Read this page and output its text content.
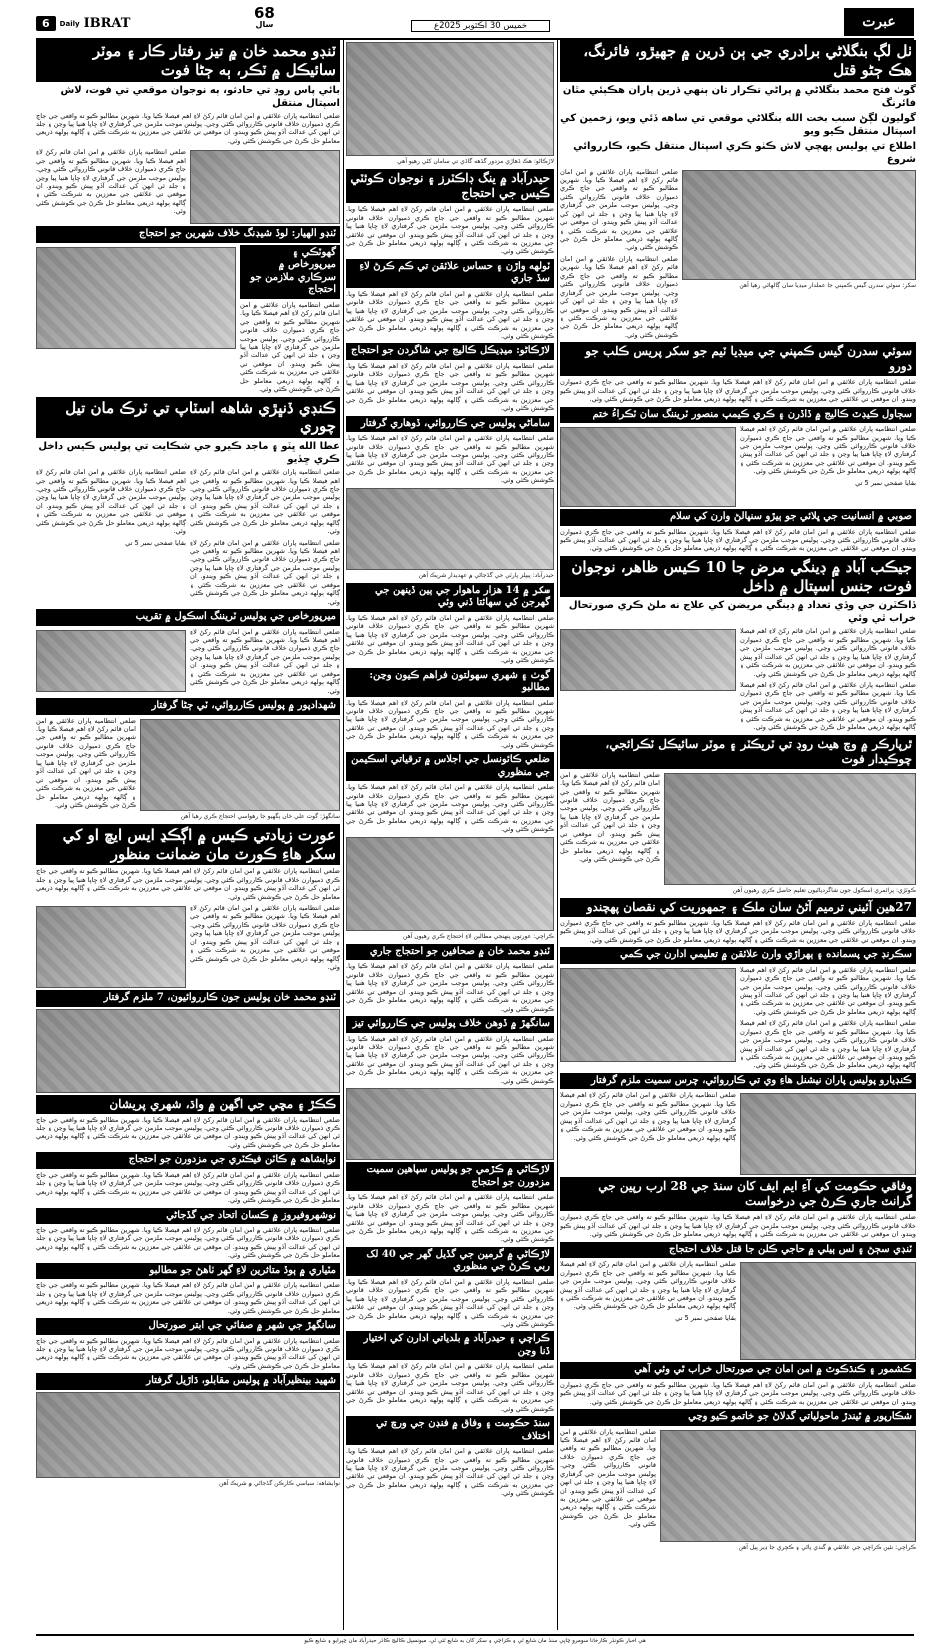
6	Daily IBRAT
68
سال	خميس 30 آڪٽوبر 2025ع	عبرت
ٺل لڳ بنگلاڻي برادري جي ٻن ڌرين ۾ جهيڙو، فائرنگ، هڪ ڄڻو قتل
گوٺ فتح محمد بنگلاڻي ۾ پراڻي تڪرار تان ٻنهي ڌرين پاران هڪٻئي مٿان فائرنگ
گوليون لڳڻ سبب بخت الله بنگلاڻي موقعي تي ساهه ڏئي ويو، زخمين کي اسپتال منتقل ڪيو ويو
اطلاع تي پوليس پهچي لاش ڪٺو ڪري اسپتال منتقل ڪيو، ڪارروائي شروع
سکر: سوئي سدرن گيس ڪمپني جا عملدار ميڊيا سان ڳالهائي رهيا آهن

ضلعي انتظاميه پاران علائقي ۾ امن امان قائم رکڻ لاءِ اهم فيصلا ڪيا ويا. شهرين مطالبو ڪيو ته واقعي جي جاچ ڪري ذميوارن خلاف قانوني ڪارروائي ڪئي وڃي. پوليس موجب ملزمن جي گرفتاري لاءِ ڇاپا هنيا پيا وڃن ۽ جلد ئي انهن کي عدالت آڏو پيش ڪيو ويندو. ان موقعي تي علائقي جي معززين به شرڪت ڪئي ۽ ڳالهه ٻولهه ذريعي معاملو حل ڪرڻ جي ڪوشش ڪئي وئي.

ضلعي انتظاميه پاران علائقي ۾ امن امان قائم رکڻ لاءِ اهم فيصلا ڪيا ويا. شهرين مطالبو ڪيو ته واقعي جي جاچ ڪري ذميوارن خلاف قانوني ڪارروائي ڪئي وڃي. پوليس موجب ملزمن جي گرفتاري لاءِ ڇاپا هنيا پيا وڃن ۽ جلد ئي انهن کي عدالت آڏو پيش ڪيو ويندو. ان موقعي تي علائقي جي معززين به شرڪت ڪئي ۽ ڳالهه ٻولهه ذريعي معاملو حل ڪرڻ جي ڪوشش ڪئي وئي.

سوئي سدرن گيس ڪمپني جي ميڊيا ٽيم جو سکر پريس ڪلب جو دورو

ضلعي انتظاميه پاران علائقي ۾ امن امان قائم رکڻ لاءِ اهم فيصلا ڪيا ويا. شهرين مطالبو ڪيو ته واقعي جي جاچ ڪري ذميوارن خلاف قانوني ڪارروائي ڪئي وڃي. پوليس موجب ملزمن جي گرفتاري لاءِ ڇاپا هنيا پيا وڃن ۽ جلد ئي انهن کي عدالت آڏو پيش ڪيو ويندو. ان موقعي تي علائقي جي معززين به شرڪت ڪئي ۽ ڳالهه ٻولهه ذريعي معاملو حل ڪرڻ جي ڪوشش ڪئي وئي.

سڄاول ڪيڊٽ ڪاليج ۾ ڏاڏرن ۽ ڪري ڪيمپ منصور ٽريننگ سان ٽڪراءُ ختم

ضلعي انتظاميه پاران علائقي ۾ امن امان قائم رکڻ لاءِ اهم فيصلا ڪيا ويا. شهرين مطالبو ڪيو ته واقعي جي جاچ ڪري ذميوارن خلاف قانوني ڪارروائي ڪئي وڃي. پوليس موجب ملزمن جي گرفتاري لاءِ ڇاپا هنيا پيا وڃن ۽ جلد ئي انهن کي عدالت آڏو پيش ڪيو ويندو. ان موقعي تي علائقي جي معززين به شرڪت ڪئي ۽ ڳالهه ٻولهه ذريعي معاملو حل ڪرڻ جي ڪوشش ڪئي وئي.

بقايا صفحي نمبر 5 تي

صوبي ۾ انسانيت جي ڀلائي جو ٻيڙو سنڀالڻ وارن کي سلام

ضلعي انتظاميه پاران علائقي ۾ امن امان قائم رکڻ لاءِ اهم فيصلا ڪيا ويا. شهرين مطالبو ڪيو ته واقعي جي جاچ ڪري ذميوارن خلاف قانوني ڪارروائي ڪئي وڃي. پوليس موجب ملزمن جي گرفتاري لاءِ ڇاپا هنيا پيا وڃن ۽ جلد ئي انهن کي عدالت آڏو پيش ڪيو ويندو. ان موقعي تي علائقي جي معززين به شرڪت ڪئي ۽ ڳالهه ٻولهه ذريعي معاملو حل ڪرڻ جي ڪوشش ڪئي وئي.

جيڪب آباد ۾ ڊينگي مرض جا 10 ڪيس ظاهر، نوجوان فوت، جنس اسپتال ۾ داخل
ڏاڪٽرن جي وڏي تعداد ۾ ڊينگي مريضن کي علاج نه ملڻ ڪري صورتحال خراب ٿي وئي

ضلعي انتظاميه پاران علائقي ۾ امن امان قائم رکڻ لاءِ اهم فيصلا ڪيا ويا. شهرين مطالبو ڪيو ته واقعي جي جاچ ڪري ذميوارن خلاف قانوني ڪارروائي ڪئي وڃي. پوليس موجب ملزمن جي گرفتاري لاءِ ڇاپا هنيا پيا وڃن ۽ جلد ئي انهن کي عدالت آڏو پيش ڪيو ويندو. ان موقعي تي علائقي جي معززين به شرڪت ڪئي ۽ ڳالهه ٻولهه ذريعي معاملو حل ڪرڻ جي ڪوشش ڪئي وئي.

ضلعي انتظاميه پاران علائقي ۾ امن امان قائم رکڻ لاءِ اهم فيصلا ڪيا ويا. شهرين مطالبو ڪيو ته واقعي جي جاچ ڪري ذميوارن خلاف قانوني ڪارروائي ڪئي وڃي. پوليس موجب ملزمن جي گرفتاري لاءِ ڇاپا هنيا پيا وڃن ۽ جلد ئي انهن کي عدالت آڏو پيش ڪيو ويندو. ان موقعي تي علائقي جي معززين به شرڪت ڪئي ۽ ڳالهه ٻولهه ذريعي معاملو حل ڪرڻ جي ڪوشش ڪئي وئي.

ٿرپارڪر ۾ وچ هيٺ روڊ تي ٽريڪٽر ۽ موٽر سائيڪل ٽڪرائجي، چوڪيدار فوت
ڪوٽڙي: پرائمري اسڪول جون شاگردياڻيون تعليم حاصل ڪري رهيون آهن

ضلعي انتظاميه پاران علائقي ۾ امن امان قائم رکڻ لاءِ اهم فيصلا ڪيا ويا. شهرين مطالبو ڪيو ته واقعي جي جاچ ڪري ذميوارن خلاف قانوني ڪارروائي ڪئي وڃي. پوليس موجب ملزمن جي گرفتاري لاءِ ڇاپا هنيا پيا وڃن ۽ جلد ئي انهن کي عدالت آڏو پيش ڪيو ويندو. ان موقعي تي علائقي جي معززين به شرڪت ڪئي ۽ ڳالهه ٻولهه ذريعي معاملو حل ڪرڻ جي ڪوشش ڪئي وئي.

27هين آئيني ترميم آڻڻ سان ملڪ ۽ جمهوريت کي نقصان پهچندو

ضلعي انتظاميه پاران علائقي ۾ امن امان قائم رکڻ لاءِ اهم فيصلا ڪيا ويا. شهرين مطالبو ڪيو ته واقعي جي جاچ ڪري ذميوارن خلاف قانوني ڪارروائي ڪئي وڃي. پوليس موجب ملزمن جي گرفتاري لاءِ ڇاپا هنيا پيا وڃن ۽ جلد ئي انهن کي عدالت آڏو پيش ڪيو ويندو. ان موقعي تي علائقي جي معززين به شرڪت ڪئي ۽ ڳالهه ٻولهه ذريعي معاملو حل ڪرڻ جي ڪوشش ڪئي وئي.

سڪرنڊ جي پسمانده ۽ ٻهراڙي وارن علائقن ۾ تعليمي ادارن جي ڪمي

ضلعي انتظاميه پاران علائقي ۾ امن امان قائم رکڻ لاءِ اهم فيصلا ڪيا ويا. شهرين مطالبو ڪيو ته واقعي جي جاچ ڪري ذميوارن خلاف قانوني ڪارروائي ڪئي وڃي. پوليس موجب ملزمن جي گرفتاري لاءِ ڇاپا هنيا پيا وڃن ۽ جلد ئي انهن کي عدالت آڏو پيش ڪيو ويندو. ان موقعي تي علائقي جي معززين به شرڪت ڪئي ۽ ڳالهه ٻولهه ذريعي معاملو حل ڪرڻ جي ڪوشش ڪئي وئي.

ضلعي انتظاميه پاران علائقي ۾ امن امان قائم رکڻ لاءِ اهم فيصلا ڪيا ويا. شهرين مطالبو ڪيو ته واقعي جي جاچ ڪري ذميوارن خلاف قانوني ڪارروائي ڪئي وڃي. پوليس موجب ملزمن جي گرفتاري لاءِ ڇاپا هنيا پيا وڃن ۽ جلد ئي انهن کي عدالت آڏو پيش ڪيو ويندو. ان موقعي تي علائقي جي معززين به شرڪت ڪئي ۽ ڳالهه ٻولهه ذريعي معاملو حل ڪرڻ جي ڪوشش ڪئي وئي.

ڪنڊيارو پوليس پاران نيشنل هاءِ وي تي ڪارروائي، چرس سميت ملزم گرفتار

ضلعي انتظاميه پاران علائقي ۾ امن امان قائم رکڻ لاءِ اهم فيصلا ڪيا ويا. شهرين مطالبو ڪيو ته واقعي جي جاچ ڪري ذميوارن خلاف قانوني ڪارروائي ڪئي وڃي. پوليس موجب ملزمن جي گرفتاري لاءِ ڇاپا هنيا پيا وڃن ۽ جلد ئي انهن کي عدالت آڏو پيش ڪيو ويندو. ان موقعي تي علائقي جي معززين به شرڪت ڪئي ۽ ڳالهه ٻولهه ذريعي معاملو حل ڪرڻ جي ڪوشش ڪئي وئي.

وفاقي حڪومت کي آءِ ايم ايف کان سنڌ جي 28 ارب رپين جي گرانٽ جاري ڪرڻ جي درخواست

ضلعي انتظاميه پاران علائقي ۾ امن امان قائم رکڻ لاءِ اهم فيصلا ڪيا ويا. شهرين مطالبو ڪيو ته واقعي جي جاچ ڪري ذميوارن خلاف قانوني ڪارروائي ڪئي وڃي. پوليس موجب ملزمن جي گرفتاري لاءِ ڇاپا هنيا پيا وڃن ۽ جلد ئي انهن کي عدالت آڏو پيش ڪيو ويندو. ان موقعي تي علائقي جي معززين به شرڪت ڪئي ۽ ڳالهه ٻولهه ذريعي معاملو حل ڪرڻ جي ڪوشش ڪئي وئي.

ٽنڊي سڄڻ ۽ لس ٻيلي ۾ حاجي ڪلن جا قتل خلاف احتجاج

ضلعي انتظاميه پاران علائقي ۾ امن امان قائم رکڻ لاءِ اهم فيصلا ڪيا ويا. شهرين مطالبو ڪيو ته واقعي جي جاچ ڪري ذميوارن خلاف قانوني ڪارروائي ڪئي وڃي. پوليس موجب ملزمن جي گرفتاري لاءِ ڇاپا هنيا پيا وڃن ۽ جلد ئي انهن کي عدالت آڏو پيش ڪيو ويندو. ان موقعي تي علائقي جي معززين به شرڪت ڪئي ۽ ڳالهه ٻولهه ذريعي معاملو حل ڪرڻ جي ڪوشش ڪئي وئي.

بقايا صفحي نمبر 5 تي

ڪشمور ۽ ڪنڌڪوٽ ۾ امن امان جي صورتحال خراب ٿي وئي آهي

ضلعي انتظاميه پاران علائقي ۾ امن امان قائم رکڻ لاءِ اهم فيصلا ڪيا ويا. شهرين مطالبو ڪيو ته واقعي جي جاچ ڪري ذميوارن خلاف قانوني ڪارروائي ڪئي وڃي. پوليس موجب ملزمن جي گرفتاري لاءِ ڇاپا هنيا پيا وڃن ۽ جلد ئي انهن کي عدالت آڏو پيش ڪيو ويندو. ان موقعي تي علائقي جي معززين به شرڪت ڪئي ۽ ڳالهه ٻولهه ذريعي معاملو حل ڪرڻ جي ڪوشش ڪئي وئي.

شڪارپور ۾ ٿيندڙ ماحولياتي گدلاڻ جو خاتمو ڪيو وڃي
ڪراچي: نئين ڪراچي جي علائقي ۾ گندي پاڻي ۽ ڪچري جا ڍير پيل آهن

ضلعي انتظاميه پاران علائقي ۾ امن امان قائم رکڻ لاءِ اهم فيصلا ڪيا ويا. شهرين مطالبو ڪيو ته واقعي جي جاچ ڪري ذميوارن خلاف قانوني ڪارروائي ڪئي وڃي. پوليس موجب ملزمن جي گرفتاري لاءِ ڇاپا هنيا پيا وڃن ۽ جلد ئي انهن کي عدالت آڏو پيش ڪيو ويندو. ان موقعي تي علائقي جي معززين به شرڪت ڪئي ۽ ڳالهه ٻولهه ذريعي معاملو حل ڪرڻ جي ڪوشش ڪئي وئي.

لاڙڪاڻو: هڪ ڏهاڙي مزدور گڏهه گاڏي تي سامان کڻي رهيو آهي
حيدرآباد ۾ ينگ ڊاڪٽرز ۽ نوجوان ڪوئٽي ڪيس جي احتجاج

ضلعي انتظاميه پاران علائقي ۾ امن امان قائم رکڻ لاءِ اهم فيصلا ڪيا ويا. شهرين مطالبو ڪيو ته واقعي جي جاچ ڪري ذميوارن خلاف قانوني ڪارروائي ڪئي وڃي. پوليس موجب ملزمن جي گرفتاري لاءِ ڇاپا هنيا پيا وڃن ۽ جلد ئي انهن کي عدالت آڏو پيش ڪيو ويندو. ان موقعي تي علائقي جي معززين به شرڪت ڪئي ۽ ڳالهه ٻولهه ذريعي معاملو حل ڪرڻ جي ڪوشش ڪئي وئي.

ٽولهه واڙن ۽ حساس علائقن تي ڪم ڪرڻ لاءِ سڏ جاري

ضلعي انتظاميه پاران علائقي ۾ امن امان قائم رکڻ لاءِ اهم فيصلا ڪيا ويا. شهرين مطالبو ڪيو ته واقعي جي جاچ ڪري ذميوارن خلاف قانوني ڪارروائي ڪئي وڃي. پوليس موجب ملزمن جي گرفتاري لاءِ ڇاپا هنيا پيا وڃن ۽ جلد ئي انهن کي عدالت آڏو پيش ڪيو ويندو. ان موقعي تي علائقي جي معززين به شرڪت ڪئي ۽ ڳالهه ٻولهه ذريعي معاملو حل ڪرڻ جي ڪوشش ڪئي وئي.

لاڙڪاڻو: ميڊيڪل ڪاليج جي شاگردن جو احتجاج

ضلعي انتظاميه پاران علائقي ۾ امن امان قائم رکڻ لاءِ اهم فيصلا ڪيا ويا. شهرين مطالبو ڪيو ته واقعي جي جاچ ڪري ذميوارن خلاف قانوني ڪارروائي ڪئي وڃي. پوليس موجب ملزمن جي گرفتاري لاءِ ڇاپا هنيا پيا وڃن ۽ جلد ئي انهن کي عدالت آڏو پيش ڪيو ويندو. ان موقعي تي علائقي جي معززين به شرڪت ڪئي ۽ ڳالهه ٻولهه ذريعي معاملو حل ڪرڻ جي ڪوشش ڪئي وئي.

ساماڻي پوليس جي ڪارروائي، ڏوهاري گرفتار

ضلعي انتظاميه پاران علائقي ۾ امن امان قائم رکڻ لاءِ اهم فيصلا ڪيا ويا. شهرين مطالبو ڪيو ته واقعي جي جاچ ڪري ذميوارن خلاف قانوني ڪارروائي ڪئي وڃي. پوليس موجب ملزمن جي گرفتاري لاءِ ڇاپا هنيا پيا وڃن ۽ جلد ئي انهن کي عدالت آڏو پيش ڪيو ويندو. ان موقعي تي علائقي جي معززين به شرڪت ڪئي ۽ ڳالهه ٻولهه ذريعي معاملو حل ڪرڻ جي ڪوشش ڪئي وئي.

حيدرآباد: پيپلز پارٽي جي گڏجاڻي ۾ عهديدار شريڪ آهن
سکر ۾ 14 هزار ماهوار جي ٻين ڏينهن جي گهرجن کي سهائتا ڏني وئي

ضلعي انتظاميه پاران علائقي ۾ امن امان قائم رکڻ لاءِ اهم فيصلا ڪيا ويا. شهرين مطالبو ڪيو ته واقعي جي جاچ ڪري ذميوارن خلاف قانوني ڪارروائي ڪئي وڃي. پوليس موجب ملزمن جي گرفتاري لاءِ ڇاپا هنيا پيا وڃن ۽ جلد ئي انهن کي عدالت آڏو پيش ڪيو ويندو. ان موقعي تي علائقي جي معززين به شرڪت ڪئي ۽ ڳالهه ٻولهه ذريعي معاملو حل ڪرڻ جي ڪوشش ڪئي وئي.

گوٺ ۽ شهري سهولتون فراهم ڪيون وڃن: مطالبو

ضلعي انتظاميه پاران علائقي ۾ امن امان قائم رکڻ لاءِ اهم فيصلا ڪيا ويا. شهرين مطالبو ڪيو ته واقعي جي جاچ ڪري ذميوارن خلاف قانوني ڪارروائي ڪئي وڃي. پوليس موجب ملزمن جي گرفتاري لاءِ ڇاپا هنيا پيا وڃن ۽ جلد ئي انهن کي عدالت آڏو پيش ڪيو ويندو. ان موقعي تي علائقي جي معززين به شرڪت ڪئي ۽ ڳالهه ٻولهه ذريعي معاملو حل ڪرڻ جي ڪوشش ڪئي وئي.

ضلعي ڪائونسل جي اجلاس ۾ ترقياتي اسڪيمن جي منظوري

ضلعي انتظاميه پاران علائقي ۾ امن امان قائم رکڻ لاءِ اهم فيصلا ڪيا ويا. شهرين مطالبو ڪيو ته واقعي جي جاچ ڪري ذميوارن خلاف قانوني ڪارروائي ڪئي وڃي. پوليس موجب ملزمن جي گرفتاري لاءِ ڇاپا هنيا پيا وڃن ۽ جلد ئي انهن کي عدالت آڏو پيش ڪيو ويندو. ان موقعي تي علائقي جي معززين به شرڪت ڪئي ۽ ڳالهه ٻولهه ذريعي معاملو حل ڪرڻ جي ڪوشش ڪئي وئي.

ڪراچي: عورتون پنهنجي مطالبن لاءِ احتجاج ڪري رهيون آهن
ٽنڊو محمد خان ۾ صحافين جو احتجاج جاري

ضلعي انتظاميه پاران علائقي ۾ امن امان قائم رکڻ لاءِ اهم فيصلا ڪيا ويا. شهرين مطالبو ڪيو ته واقعي جي جاچ ڪري ذميوارن خلاف قانوني ڪارروائي ڪئي وڃي. پوليس موجب ملزمن جي گرفتاري لاءِ ڇاپا هنيا پيا وڃن ۽ جلد ئي انهن کي عدالت آڏو پيش ڪيو ويندو. ان موقعي تي علائقي جي معززين به شرڪت ڪئي ۽ ڳالهه ٻولهه ذريعي معاملو حل ڪرڻ جي ڪوشش ڪئي وئي.

سانگهڙ ۾ ڏوهن خلاف پوليس جي ڪارروائي تيز

ضلعي انتظاميه پاران علائقي ۾ امن امان قائم رکڻ لاءِ اهم فيصلا ڪيا ويا. شهرين مطالبو ڪيو ته واقعي جي جاچ ڪري ذميوارن خلاف قانوني ڪارروائي ڪئي وڃي. پوليس موجب ملزمن جي گرفتاري لاءِ ڇاپا هنيا پيا وڃن ۽ جلد ئي انهن کي عدالت آڏو پيش ڪيو ويندو. ان موقعي تي علائقي جي معززين به شرڪت ڪئي ۽ ڳالهه ٻولهه ذريعي معاملو حل ڪرڻ جي ڪوشش ڪئي وئي.

لاڙڪاڻي ۾ ڪڙمي جو پوليس سپاهين سميت مزدورن جو احتجاج

ضلعي انتظاميه پاران علائقي ۾ امن امان قائم رکڻ لاءِ اهم فيصلا ڪيا ويا. شهرين مطالبو ڪيو ته واقعي جي جاچ ڪري ذميوارن خلاف قانوني ڪارروائي ڪئي وڃي. پوليس موجب ملزمن جي گرفتاري لاءِ ڇاپا هنيا پيا وڃن ۽ جلد ئي انهن کي عدالت آڏو پيش ڪيو ويندو. ان موقعي تي علائقي جي معززين به شرڪت ڪئي ۽ ڳالهه ٻولهه ذريعي معاملو حل ڪرڻ جي ڪوشش ڪئي وئي.

لاڙڪاڻي ۾ گرمين جي گڏيل گهر جي 40 لک ربي ڪرڻ جي منظوري

ضلعي انتظاميه پاران علائقي ۾ امن امان قائم رکڻ لاءِ اهم فيصلا ڪيا ويا. شهرين مطالبو ڪيو ته واقعي جي جاچ ڪري ذميوارن خلاف قانوني ڪارروائي ڪئي وڃي. پوليس موجب ملزمن جي گرفتاري لاءِ ڇاپا هنيا پيا وڃن ۽ جلد ئي انهن کي عدالت آڏو پيش ڪيو ويندو. ان موقعي تي علائقي جي معززين به شرڪت ڪئي ۽ ڳالهه ٻولهه ذريعي معاملو حل ڪرڻ جي ڪوشش ڪئي وئي.

ڪراچي ۽ حيدرآباد ۾ بلدياتي ادارن کي اختيار ڏنا وڃن

ضلعي انتظاميه پاران علائقي ۾ امن امان قائم رکڻ لاءِ اهم فيصلا ڪيا ويا. شهرين مطالبو ڪيو ته واقعي جي جاچ ڪري ذميوارن خلاف قانوني ڪارروائي ڪئي وڃي. پوليس موجب ملزمن جي گرفتاري لاءِ ڇاپا هنيا پيا وڃن ۽ جلد ئي انهن کي عدالت آڏو پيش ڪيو ويندو. ان موقعي تي علائقي جي معززين به شرڪت ڪئي ۽ ڳالهه ٻولهه ذريعي معاملو حل ڪرڻ جي ڪوشش ڪئي وئي.

سنڌ حڪومت ۽ وفاق ۾ فنڊن جي ورڇ تي اختلاف

ضلعي انتظاميه پاران علائقي ۾ امن امان قائم رکڻ لاءِ اهم فيصلا ڪيا ويا. شهرين مطالبو ڪيو ته واقعي جي جاچ ڪري ذميوارن خلاف قانوني ڪارروائي ڪئي وڃي. پوليس موجب ملزمن جي گرفتاري لاءِ ڇاپا هنيا پيا وڃن ۽ جلد ئي انهن کي عدالت آڏو پيش ڪيو ويندو. ان موقعي تي علائقي جي معززين به شرڪت ڪئي ۽ ڳالهه ٻولهه ذريعي معاملو حل ڪرڻ جي ڪوشش ڪئي وئي.

ٽنڊو محمد خان ۾ تيز رفتار ڪار ۽ موٽر سائيڪل ۾ ٽڪر، ٻه ڄڻا فوت
بائي پاس روڊ تي حادثو، ٻه نوجوان موقعي تي فوت، لاش اسپتال منتقل

ضلعي انتظاميه پاران علائقي ۾ امن امان قائم رکڻ لاءِ اهم فيصلا ڪيا ويا. شهرين مطالبو ڪيو ته واقعي جي جاچ ڪري ذميوارن خلاف قانوني ڪارروائي ڪئي وڃي. پوليس موجب ملزمن جي گرفتاري لاءِ ڇاپا هنيا پيا وڃن ۽ جلد ئي انهن کي عدالت آڏو پيش ڪيو ويندو. ان موقعي تي علائقي جي معززين به شرڪت ڪئي ۽ ڳالهه ٻولهه ذريعي معاملو حل ڪرڻ جي ڪوشش ڪئي وئي.

ضلعي انتظاميه پاران علائقي ۾ امن امان قائم رکڻ لاءِ اهم فيصلا ڪيا ويا. شهرين مطالبو ڪيو ته واقعي جي جاچ ڪري ذميوارن خلاف قانوني ڪارروائي ڪئي وڃي. پوليس موجب ملزمن جي گرفتاري لاءِ ڇاپا هنيا پيا وڃن ۽ جلد ئي انهن کي عدالت آڏو پيش ڪيو ويندو. ان موقعي تي علائقي جي معززين به شرڪت ڪئي ۽ ڳالهه ٻولهه ذريعي معاملو حل ڪرڻ جي ڪوشش ڪئي وئي.

ٽنڊو الهيار: لوڏ شيڊنگ خلاف شهرين جو احتجاج
گهوٽڪي ۽ ميرپورخاص ۾ سرڪاري ملازمن جو احتجاج

ضلعي انتظاميه پاران علائقي ۾ امن امان قائم رکڻ لاءِ اهم فيصلا ڪيا ويا. شهرين مطالبو ڪيو ته واقعي جي جاچ ڪري ذميوارن خلاف قانوني ڪارروائي ڪئي وڃي. پوليس موجب ملزمن جي گرفتاري لاءِ ڇاپا هنيا پيا وڃن ۽ جلد ئي انهن کي عدالت آڏو پيش ڪيو ويندو. ان موقعي تي علائقي جي معززين به شرڪت ڪئي ۽ ڳالهه ٻولهه ذريعي معاملو حل ڪرڻ جي ڪوشش ڪئي وئي.

ڪنڊي ڏنڀڙي شاهه اسٽاپ تي ٽرڪ مان تيل چوري
عطا الله ڀٽو ۽ ماجد ڪيرو جي شڪايت تي پوليس ڪيس داخل ڪري ڇڏيو

ضلعي انتظاميه پاران علائقي ۾ امن امان قائم رکڻ لاءِ اهم فيصلا ڪيا ويا. شهرين مطالبو ڪيو ته واقعي جي جاچ ڪري ذميوارن خلاف قانوني ڪارروائي ڪئي وڃي. پوليس موجب ملزمن جي گرفتاري لاءِ ڇاپا هنيا پيا وڃن ۽ جلد ئي انهن کي عدالت آڏو پيش ڪيو ويندو. ان موقعي تي علائقي جي معززين به شرڪت ڪئي ۽ ڳالهه ٻولهه ذريعي معاملو حل ڪرڻ جي ڪوشش ڪئي وئي.

ضلعي انتظاميه پاران علائقي ۾ امن امان قائم رکڻ لاءِ اهم فيصلا ڪيا ويا. شهرين مطالبو ڪيو ته واقعي جي جاچ ڪري ذميوارن خلاف قانوني ڪارروائي ڪئي وڃي. پوليس موجب ملزمن جي گرفتاري لاءِ ڇاپا هنيا پيا وڃن ۽ جلد ئي انهن کي عدالت آڏو پيش ڪيو ويندو. ان موقعي تي علائقي جي معززين به شرڪت ڪئي ۽ ڳالهه ٻولهه ذريعي معاملو حل ڪرڻ جي ڪوشش ڪئي وئي.

ضلعي انتظاميه پاران علائقي ۾ امن امان قائم رکڻ لاءِ اهم فيصلا ڪيا ويا. شهرين مطالبو ڪيو ته واقعي جي جاچ ڪري ذميوارن خلاف قانوني ڪارروائي ڪئي وڃي. پوليس موجب ملزمن جي گرفتاري لاءِ ڇاپا هنيا پيا وڃن ۽ جلد ئي انهن کي عدالت آڏو پيش ڪيو ويندو. ان موقعي تي علائقي جي معززين به شرڪت ڪئي ۽ ڳالهه ٻولهه ذريعي معاملو حل ڪرڻ جي ڪوشش ڪئي وئي.

بقايا صفحي نمبر 5 تي

ميرپورخاص جي پوليس ٽريننگ اسڪول ۾ تقريب

ضلعي انتظاميه پاران علائقي ۾ امن امان قائم رکڻ لاءِ اهم فيصلا ڪيا ويا. شهرين مطالبو ڪيو ته واقعي جي جاچ ڪري ذميوارن خلاف قانوني ڪارروائي ڪئي وڃي. پوليس موجب ملزمن جي گرفتاري لاءِ ڇاپا هنيا پيا وڃن ۽ جلد ئي انهن کي عدالت آڏو پيش ڪيو ويندو. ان موقعي تي علائقي جي معززين به شرڪت ڪئي ۽ ڳالهه ٻولهه ذريعي معاملو حل ڪرڻ جي ڪوشش ڪئي وئي.

شهدادپور ۾ پوليس ڪارروائي، ٽي ڄڻا گرفتار
سانگهڙ: گوٺ علي خان ٻگهيو جا رهواسي احتجاج ڪري رهيا آهن

ضلعي انتظاميه پاران علائقي ۾ امن امان قائم رکڻ لاءِ اهم فيصلا ڪيا ويا. شهرين مطالبو ڪيو ته واقعي جي جاچ ڪري ذميوارن خلاف قانوني ڪارروائي ڪئي وڃي. پوليس موجب ملزمن جي گرفتاري لاءِ ڇاپا هنيا پيا وڃن ۽ جلد ئي انهن کي عدالت آڏو پيش ڪيو ويندو. ان موقعي تي علائقي جي معززين به شرڪت ڪئي ۽ ڳالهه ٻولهه ذريعي معاملو حل ڪرڻ جي ڪوشش ڪئي وئي.

عورت زيادتي ڪيس ۾ اڳڪڍ ايس ايڇ او کي سکر هاءِ ڪورٽ مان ضمانت منظور

ضلعي انتظاميه پاران علائقي ۾ امن امان قائم رکڻ لاءِ اهم فيصلا ڪيا ويا. شهرين مطالبو ڪيو ته واقعي جي جاچ ڪري ذميوارن خلاف قانوني ڪارروائي ڪئي وڃي. پوليس موجب ملزمن جي گرفتاري لاءِ ڇاپا هنيا پيا وڃن ۽ جلد ئي انهن کي عدالت آڏو پيش ڪيو ويندو. ان موقعي تي علائقي جي معززين به شرڪت ڪئي ۽ ڳالهه ٻولهه ذريعي معاملو حل ڪرڻ جي ڪوشش ڪئي وئي.

ضلعي انتظاميه پاران علائقي ۾ امن امان قائم رکڻ لاءِ اهم فيصلا ڪيا ويا. شهرين مطالبو ڪيو ته واقعي جي جاچ ڪري ذميوارن خلاف قانوني ڪارروائي ڪئي وڃي. پوليس موجب ملزمن جي گرفتاري لاءِ ڇاپا هنيا پيا وڃن ۽ جلد ئي انهن کي عدالت آڏو پيش ڪيو ويندو. ان موقعي تي علائقي جي معززين به شرڪت ڪئي ۽ ڳالهه ٻولهه ذريعي معاملو حل ڪرڻ جي ڪوشش ڪئي وئي.

ٽنڊو محمد خان پوليس جون ڪارروائيون، 7 ملزم گرفتار
ڪڪڙ ۽ مڇي جي اگهن ۾ واڌ، شهري پريشان

ضلعي انتظاميه پاران علائقي ۾ امن امان قائم رکڻ لاءِ اهم فيصلا ڪيا ويا. شهرين مطالبو ڪيو ته واقعي جي جاچ ڪري ذميوارن خلاف قانوني ڪارروائي ڪئي وڃي. پوليس موجب ملزمن جي گرفتاري لاءِ ڇاپا هنيا پيا وڃن ۽ جلد ئي انهن کي عدالت آڏو پيش ڪيو ويندو. ان موقعي تي علائقي جي معززين به شرڪت ڪئي ۽ ڳالهه ٻولهه ذريعي معاملو حل ڪرڻ جي ڪوشش ڪئي وئي.

نوابشاهه ۾ ڪاٽن فيڪٽري جي مزدورن جو احتجاج

ضلعي انتظاميه پاران علائقي ۾ امن امان قائم رکڻ لاءِ اهم فيصلا ڪيا ويا. شهرين مطالبو ڪيو ته واقعي جي جاچ ڪري ذميوارن خلاف قانوني ڪارروائي ڪئي وڃي. پوليس موجب ملزمن جي گرفتاري لاءِ ڇاپا هنيا پيا وڃن ۽ جلد ئي انهن کي عدالت آڏو پيش ڪيو ويندو. ان موقعي تي علائقي جي معززين به شرڪت ڪئي ۽ ڳالهه ٻولهه ذريعي معاملو حل ڪرڻ جي ڪوشش ڪئي وئي.

نوشهروفيروز ۾ ڪسان اتحاد جي گڏجاڻي

ضلعي انتظاميه پاران علائقي ۾ امن امان قائم رکڻ لاءِ اهم فيصلا ڪيا ويا. شهرين مطالبو ڪيو ته واقعي جي جاچ ڪري ذميوارن خلاف قانوني ڪارروائي ڪئي وڃي. پوليس موجب ملزمن جي گرفتاري لاءِ ڇاپا هنيا پيا وڃن ۽ جلد ئي انهن کي عدالت آڏو پيش ڪيو ويندو. ان موقعي تي علائقي جي معززين به شرڪت ڪئي ۽ ڳالهه ٻولهه ذريعي معاملو حل ڪرڻ جي ڪوشش ڪئي وئي.

مٽياري ۾ ٻوڏ متاثرين لاءِ گهر ٺاهڻ جو مطالبو

ضلعي انتظاميه پاران علائقي ۾ امن امان قائم رکڻ لاءِ اهم فيصلا ڪيا ويا. شهرين مطالبو ڪيو ته واقعي جي جاچ ڪري ذميوارن خلاف قانوني ڪارروائي ڪئي وڃي. پوليس موجب ملزمن جي گرفتاري لاءِ ڇاپا هنيا پيا وڃن ۽ جلد ئي انهن کي عدالت آڏو پيش ڪيو ويندو. ان موقعي تي علائقي جي معززين به شرڪت ڪئي ۽ ڳالهه ٻولهه ذريعي معاملو حل ڪرڻ جي ڪوشش ڪئي وئي.

سانگهڙ جي شهر ۾ صفائي جي ابتر صورتحال

ضلعي انتظاميه پاران علائقي ۾ امن امان قائم رکڻ لاءِ اهم فيصلا ڪيا ويا. شهرين مطالبو ڪيو ته واقعي جي جاچ ڪري ذميوارن خلاف قانوني ڪارروائي ڪئي وڃي. پوليس موجب ملزمن جي گرفتاري لاءِ ڇاپا هنيا پيا وڃن ۽ جلد ئي انهن کي عدالت آڏو پيش ڪيو ويندو. ان موقعي تي علائقي جي معززين به شرڪت ڪئي ۽ ڳالهه ٻولهه ذريعي معاملو حل ڪرڻ جي ڪوشش ڪئي وئي.

شهيد بينظيرآباد ۾ پوليس مقابلو، ڌاڙيل گرفتار
نوابشاهه: سياسي ڪارڪن گڏجاڻي ۾ شريڪ آهن
هي اخبار ڪونڌر ڪارخانا سومرو ڇاپي سنڌ مان شايع ٿي ۽ ڪراچي ۽ سکر کان به شايع ٿئي ٿي. ميونسپل ڪاليج ڪاڌر حيدرآباد مان ڇپرايو ۽ شايع ڪيو
